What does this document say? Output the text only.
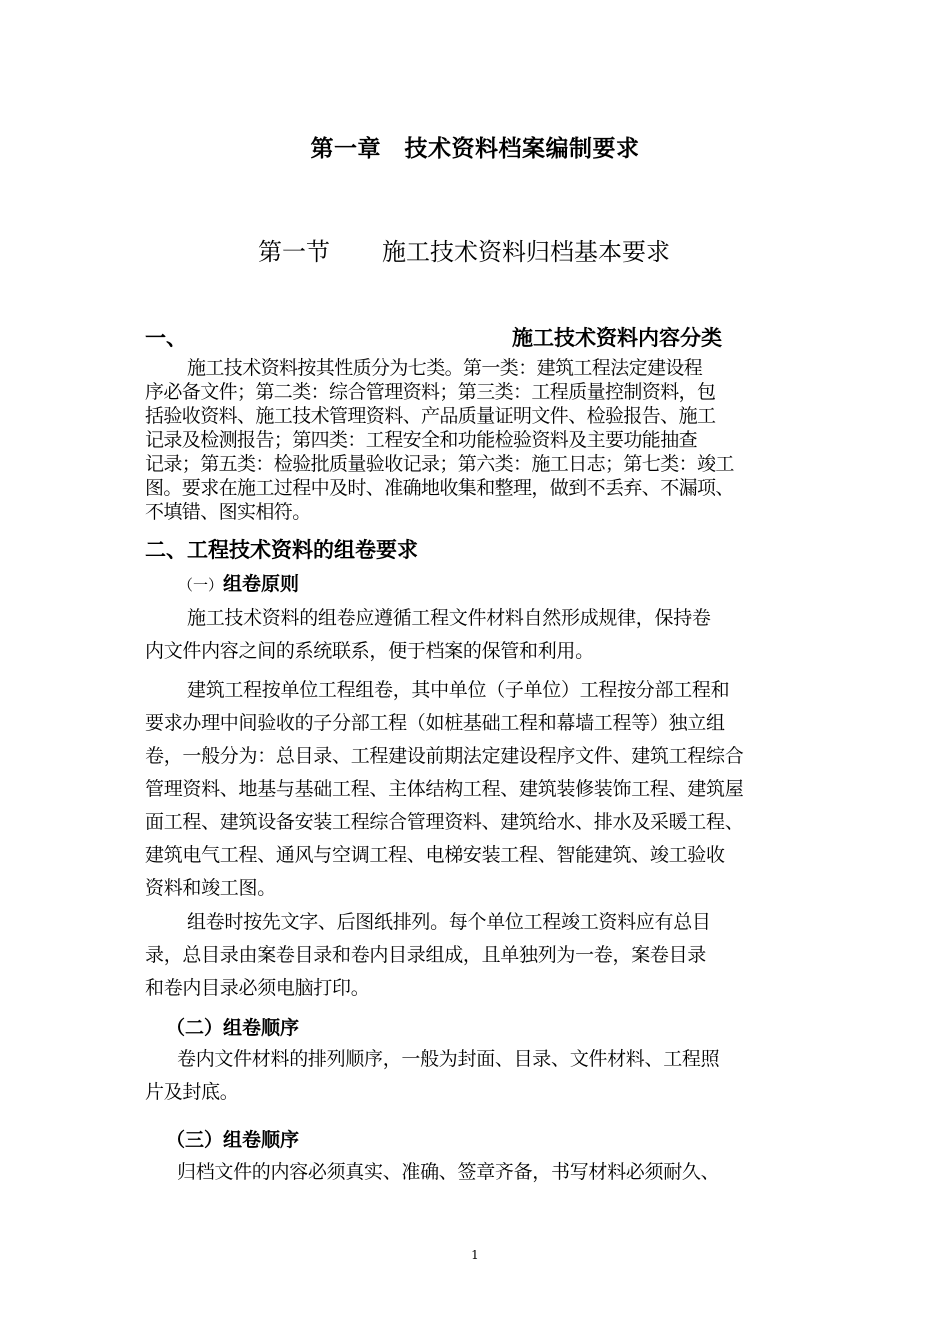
第一章　技术资料档案编制要求
第一节 施工技术资料归档基本要求
一、	施工技术资料内容分类
施工技术资料按其性质分为七类。第一类：建筑工程法定建设程
序必备文件；第二类：综合管理资料；第三类：工程质量控制资料，包
括验收资料、施工技术管理资料、产品质量证明文件、检验报告、施工
记录及检测报告；第四类：工程安全和功能检验资料及主要功能抽查
记录；第五类：检验批质量验收记录；第六类：施工日志；第七类：竣工
图。要求在施工过程中及时、准确地收集和整理，做到不丢弃、不漏项、
不填错、图实相符。
二、工程技术资料的组卷要求
（一）组卷原则
施工技术资料的组卷应遵循工程文件材料自然形成规律，保持卷
内文件内容之间的系统联系，便于档案的保管和利用。
建筑工程按单位工程组卷，其中单位（子单位）工程按分部工程和
要求办理中间验收的子分部工程（如桩基础工程和幕墙工程等）独立组
卷，一般分为：总目录、工程建设前期法定建设程序文件、建筑工程综合
管理资料、地基与基础工程、主体结构工程、建筑装修装饰工程、建筑屋
面工程、建筑设备安装工程综合管理资料、建筑给水、排水及采暖工程、
建筑电气工程、通风与空调工程、电梯安装工程、智能建筑、竣工验收
资料和竣工图。
组卷时按先文字、后图纸排列。每个单位工程竣工资料应有总目
录，总目录由案卷目录和卷内目录组成，且单独列为一卷，案卷目录
和卷内目录必须电脑打印。
（二）组卷顺序
卷内文件材料的排列顺序，一般为封面、目录、文件材料、工程照
片及封底。
（三）组卷顺序
归档文件的内容必须真实、准确、签章齐备，书写材料必须耐久、
1
